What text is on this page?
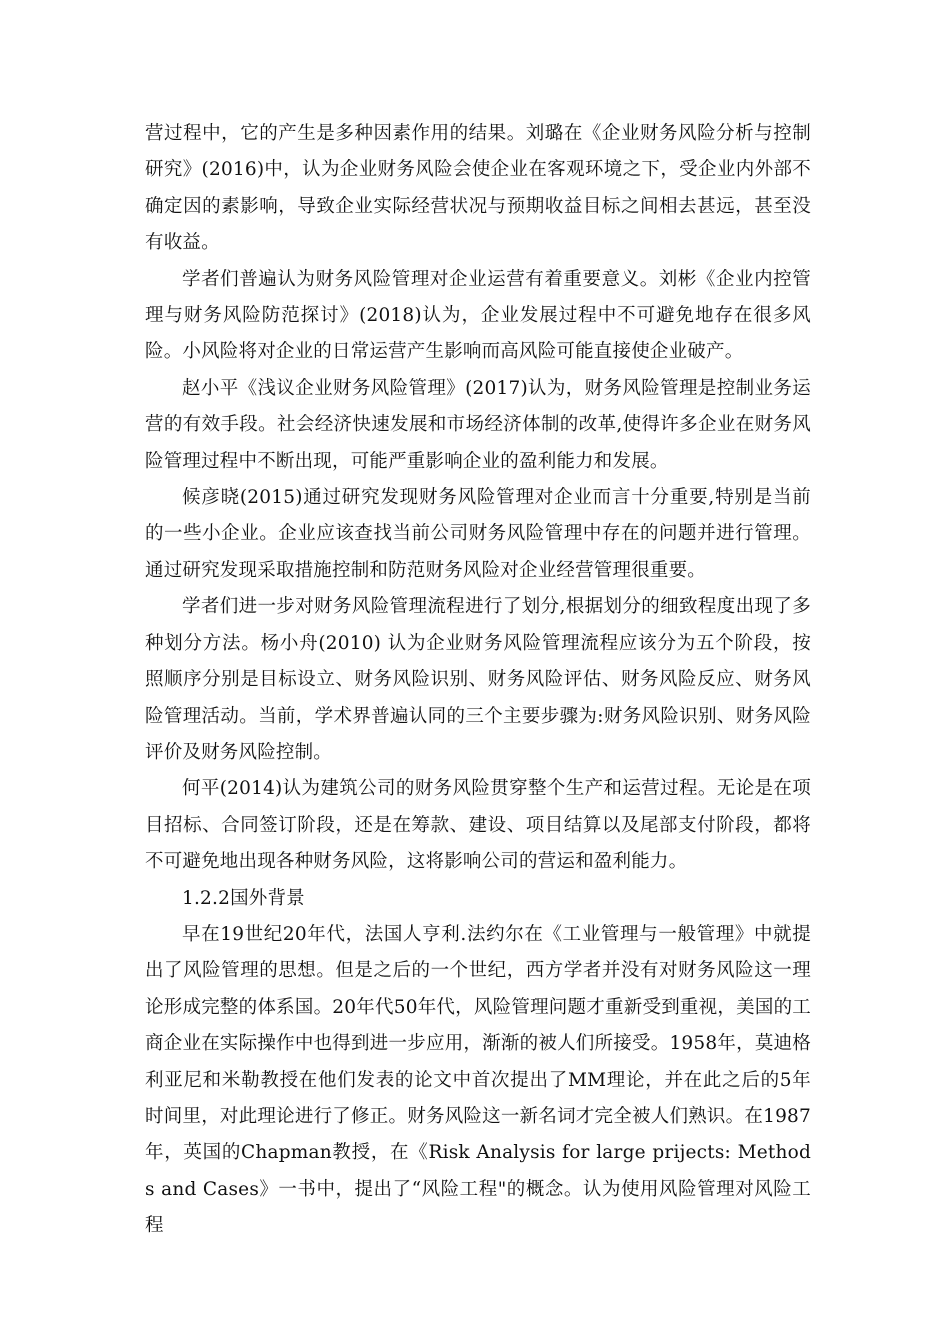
营过程中，它的产生是多种因素作用的结果。刘璐在《企业财务风险分析与控制研究》(2016)中，认为企业财务风险会使企业在客观环境之下，受企业内外部不确定因的素影响，导致企业实际经营状况与预期收益目标之间相去甚远，甚至没有收益。

学者们普遍认为财务风险管理对企业运营有着重要意义。刘彬《企业内控管理与财务风险防范探讨》(2018)认为，企业发展过程中不可避免地存在很多风险。小风险将对企业的日常运营产生影响而高风险可能直接使企业破产。

赵小平《浅议企业财务风险管理》(2017)认为，财务风险管理是控制业务运营的有效手段。社会经济快速发展和市场经济体制的改革,使得许多企业在财务风险管理过程中不断出现，可能严重影响企业的盈利能力和发展。

候彦晓(2015)通过研究发现财务风险管理对企业而言十分重要,特别是当前的一些小企业。企业应该查找当前公司财务风险管理中存在的问题并进行管理。通过研究发现采取措施控制和防范财务风险对企业经营管理很重要。

学者们进一步对财务风险管理流程进行了划分,根据划分的细致程度出现了多种划分方法。杨小舟(2010) 认为企业财务风险管理流程应该分为五个阶段，按照顺序分别是目标设立、财务风险识别、财务风险评估、财务风险反应、财务风险管理活动。当前，学术界普遍认同的三个主要步骤为:财务风险识别、财务风险评价及财务风险控制。

何平(2014)认为建筑公司的财务风险贯穿整个生产和运营过程。无论是在项目招标、合同签订阶段，还是在筹款、建设、项目结算以及尾部支付阶段，都将不可避免地出现各种财务风险，这将影响公司的营运和盈利能力。

1.2.2国外背景

早在19世纪20年代，法国人亨利.法约尔在《工业管理与一般管理》中就提出了风险管理的思想。但是之后的一个世纪，西方学者并没有对财务风险这一理论形成完整的体系国。20年代50年代，风险管理问题才重新受到重视，美国的工商企业在实际操作中也得到进一步应用，渐渐的被人们所接受。1958年，莫迪格利亚尼和米勒教授在他们发表的论文中首次提出了MM理论，并在此之后的5年时间里，对此理论进行了修正。财务风险这一新名词才完全被人们熟识。在1987年，英国的Chapman教授，在《Risk Analysis for large prijects: Methods and Cases》一书中，提出了“风险工程"的概念。认为使用风险管理对风险工程
